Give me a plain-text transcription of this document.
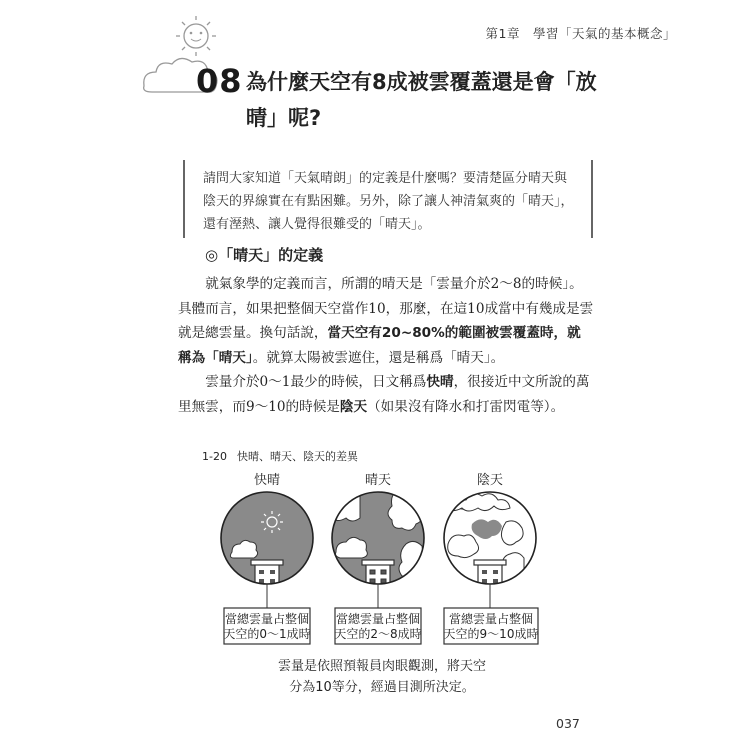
第1章　學習「天氣的基本概念」
08 為什麼天空有8成被雲覆蓋還是會「放晴」呢?

請問大家知道「天氣晴朗」的定義是什麼嗎？要清楚區分晴天與陰天的界線實在有點困難。另外，除了讓人神清氣爽的「晴天」，還有溼熱、讓人覺得很難受的「晴天」。

◎「晴天」的定義

就氣象學的定義而言，所謂的晴天是「雲量介於2～8的時候」。具體而言，如果把整個天空當作10，那麼，在這10成當中有幾成是雲就是總雲量。換句話說，當天空有20~80%的範圍被雲覆蓋時，就稱為「晴天」。就算太陽被雲遮住，還是稱爲「晴天」。

雲量介於0～1最少的時候，日文稱爲快晴，很接近中文所說的萬里無雲，而9～10的時候是陰天（如果沒有降水和打雷閃電等）。

1-20 快晴、晴天、陰天的差異
快晴	晴天	陰天
當總雲量占整個
天空的0～1成時
當總雲量占整個
天空的2～8成時
當總雲量占整個
天空的9～10成時
雲量是依照預報員肉眼觀測，將天空
分為10等分，經過目測所決定。
037
